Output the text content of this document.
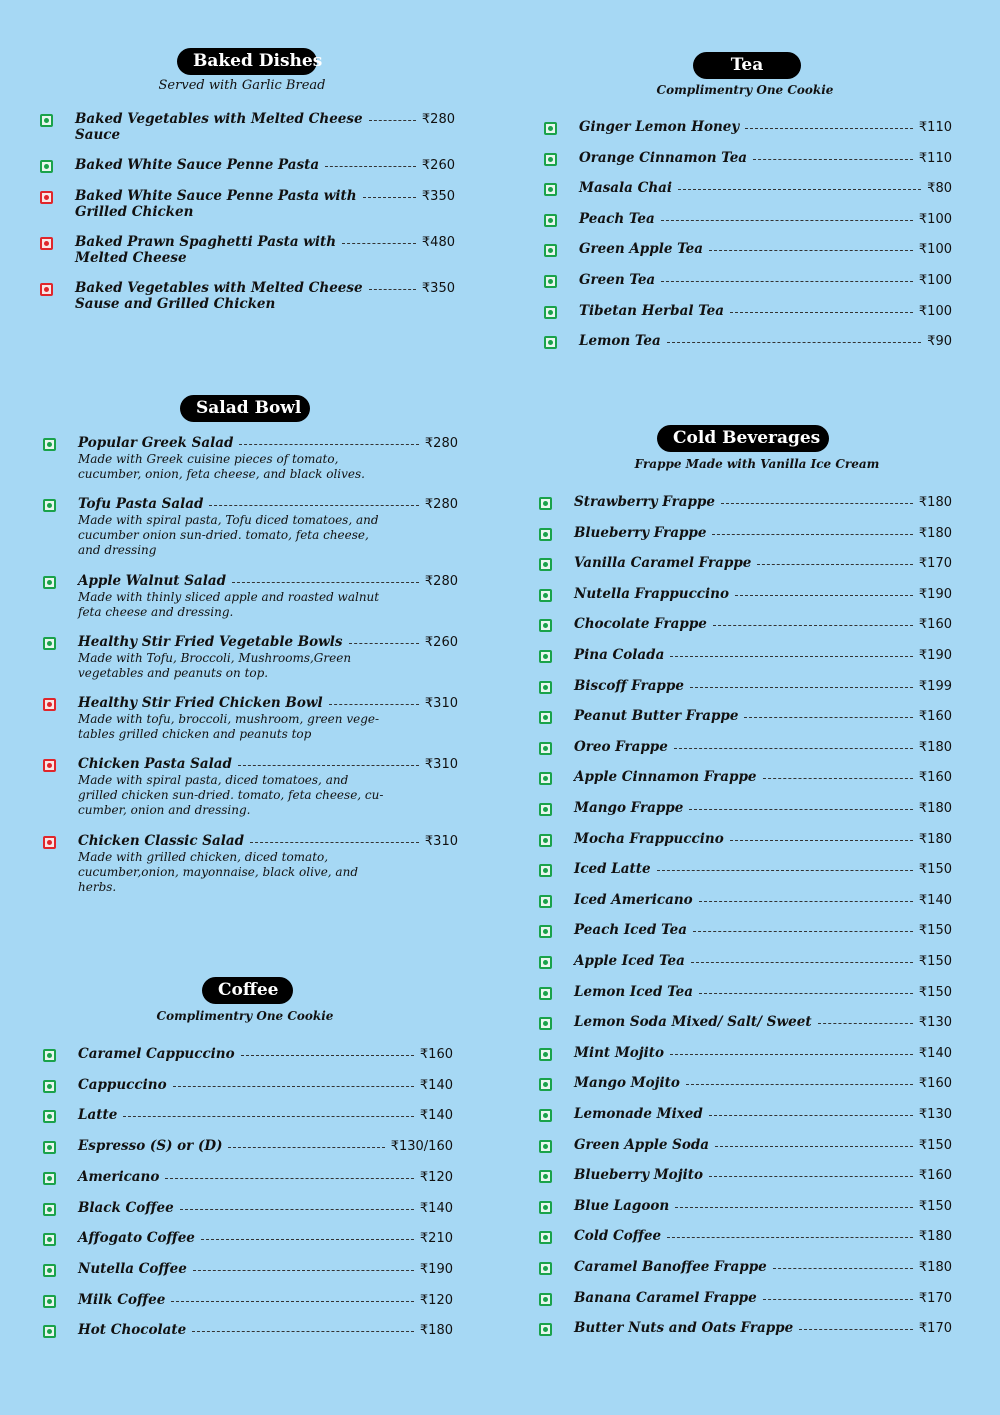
Baked Dishes
Served with Garlic Bread
Baked Vegetables with Melted Cheese	₹280
Sauce
Baked White Sauce Penne Pasta	₹260
Baked White Sauce Penne Pasta with	₹350
Grilled Chicken
Baked Prawn Spaghetti Pasta with	₹480
Melted Cheese
Baked Vegetables with Melted Cheese	₹350
Sause and Grilled Chicken
Salad Bowl
Popular Greek Salad	₹280
Made with Greek cuisine pieces of tomato,
cucumber, onion, feta cheese, and black olives.
Tofu Pasta Salad	₹280
Made with spiral pasta, Tofu diced tomatoes, and
cucumber onion sun-dried. tomato, feta cheese,
and dressing
Apple Walnut Salad	₹280
Made with thinly sliced apple and roasted walnut
feta cheese and dressing.
Healthy Stir Fried Vegetable Bowls	₹260
Made with Tofu, Broccoli, Mushrooms,Green
vegetables and peanuts on top.
Healthy Stir Fried Chicken Bowl	₹310
Made with tofu, broccoli, mushroom, green vege-
tables grilled chicken and peanuts top
Chicken Pasta Salad	₹310
Made with spiral pasta, diced tomatoes, and
grilled chicken sun-dried. tomato, feta cheese, cu-
cumber, onion and dressing.
Chicken Classic Salad	₹310
Made with grilled chicken, diced tomato,
cucumber,onion, mayonnaise, black olive, and
herbs.
Coffee
Complimentry One Cookie
Caramel Cappuccino	₹160
Cappuccino	₹140
Latte	₹140
Espresso (S) or (D)	₹130/160
Americano	₹120
Black Coffee	₹140
Affogato Coffee	₹210
Nutella Coffee	₹190
Milk Coffee	₹120
Hot Chocolate	₹180
Tea
Complimentry One Cookie
Ginger Lemon Honey	₹110
Orange Cinnamon Tea	₹110
Masala Chai	₹80
Peach Tea	₹100
Green Apple Tea	₹100
Green Tea	₹100
Tibetan Herbal Tea	₹100
Lemon Tea	₹90
Cold Beverages
Frappe Made with Vanilla Ice Cream
Strawberry Frappe	₹180
Blueberry Frappe	₹180
Vanilla Caramel Frappe	₹170
Nutella Frappuccino	₹190
Chocolate Frappe	₹160
Pina Colada	₹190
Biscoff Frappe	₹199
Peanut Butter Frappe	₹160
Oreo Frappe	₹180
Apple Cinnamon Frappe	₹160
Mango Frappe	₹180
Mocha Frappuccino	₹180
Iced Latte	₹150
Iced Americano	₹140
Peach Iced Tea	₹150
Apple Iced Tea	₹150
Lemon Iced Tea	₹150
Lemon Soda Mixed/ Salt/ Sweet	₹130
Mint Mojito	₹140
Mango Mojito	₹160
Lemonade Mixed	₹130
Green Apple Soda	₹150
Blueberry Mojito	₹160
Blue Lagoon	₹150
Cold Coffee	₹180
Caramel Banoffee Frappe	₹180
Banana Caramel Frappe	₹170
Butter Nuts and Oats Frappe	₹170
